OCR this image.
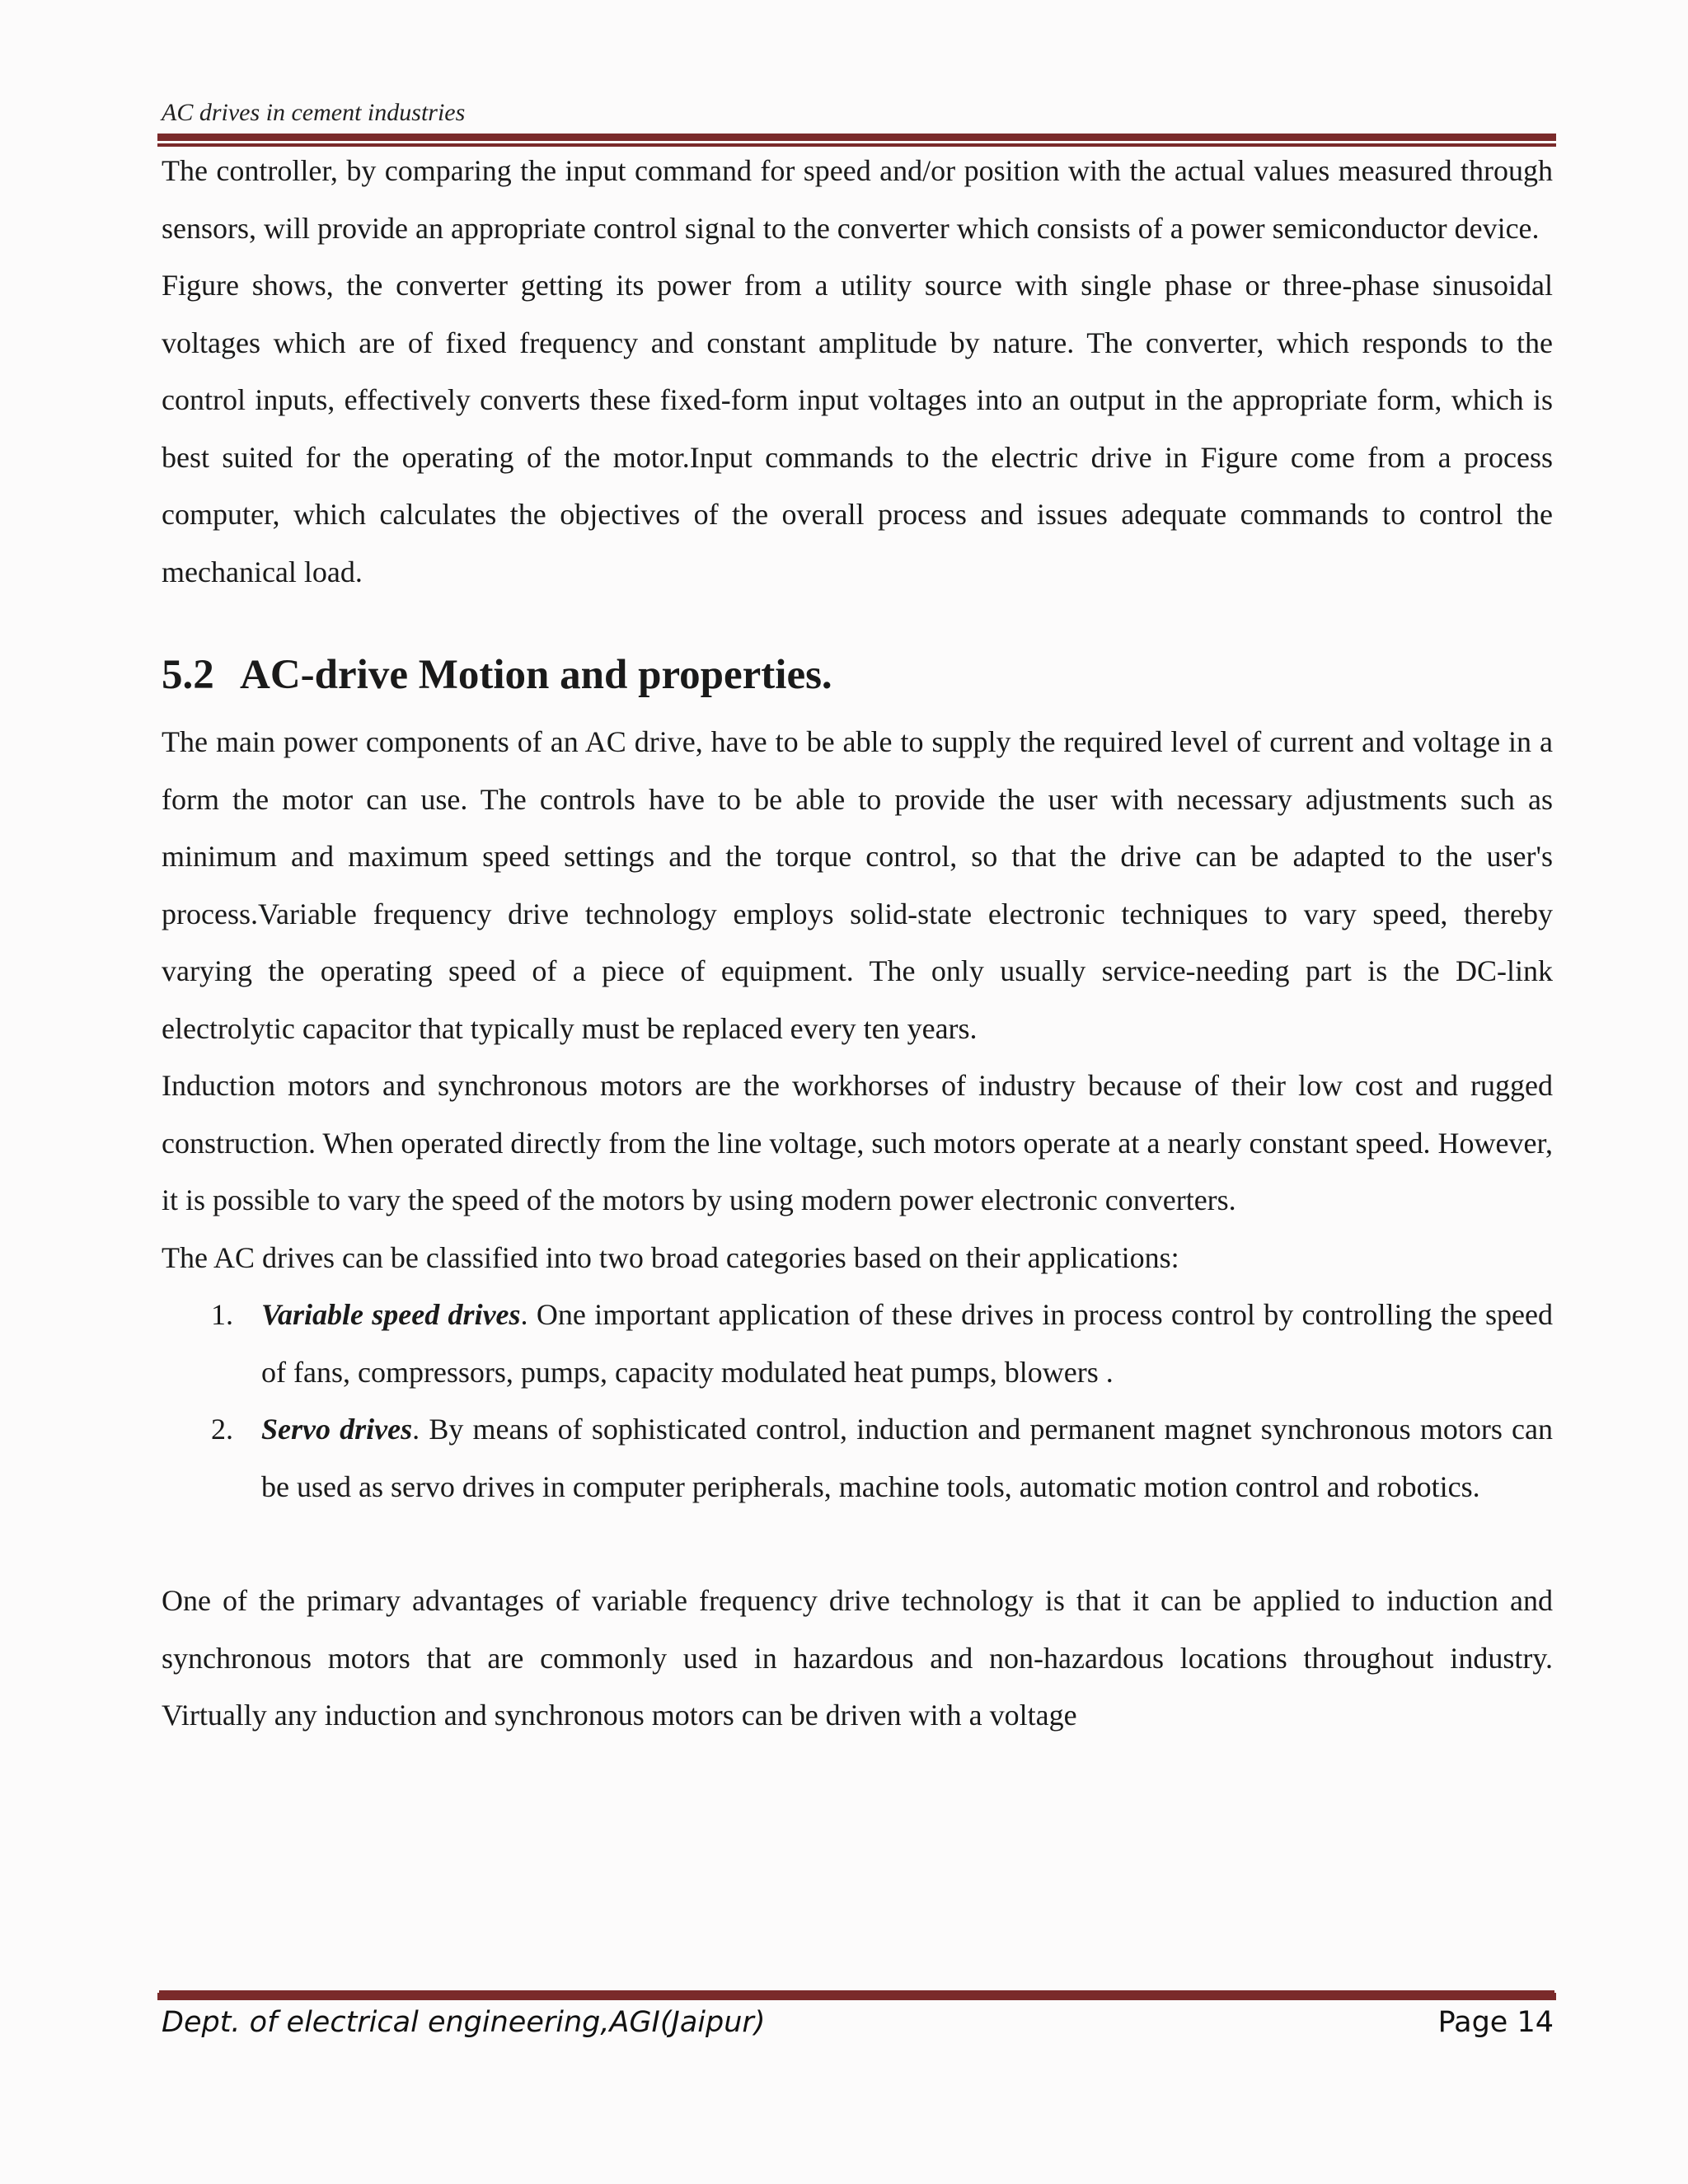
AC drives in cement industries

The controller, by comparing the input command for speed and/or position with the actual values measured through sensors, will provide an appropriate control signal to the converter which consists of a power semiconductor device.

Figure shows, the converter getting its power from a utility source with single phase or three-phase sinusoidal voltages which are of fixed frequency and constant amplitude by nature. The converter, which responds to the control inputs, effectively converts these fixed-form input voltages into an output in the appropriate form, which is best suited for the operating of the motor.Input commands to the electric drive in Figure come from a process computer, which calculates the objectives of the overall process and issues adequate commands to control the mechanical load.

5.2 AC-drive Motion and properties.

The main power components of an AC drive, have to be able to supply the required level of current and voltage in a form the motor can use. The controls have to be able to provide the user with necessary adjustments such as minimum and maximum speed settings and the torque control, so that the drive can be adapted to the user's process.Variable frequency drive technology employs solid-state electronic techniques to vary speed, thereby varying the operating speed of a piece of equipment. The only usually service-needing part is the DC-link electrolytic capacitor that typically must be replaced every ten years.

Induction motors and synchronous motors are the workhorses of industry because of their low cost and rugged construction. When operated directly from the line voltage, such motors operate at a nearly constant speed. However, it is possible to vary the speed of the motors by using modern power electronic converters.

The AC drives can be classified into two broad categories based on their applications:

1. Variable speed drives. One important application of these drives in process control by controlling the speed of fans, compressors, pumps, capacity modulated heat pumps, blowers .
2. Servo drives. By means of sophisticated control, induction and permanent magnet synchronous motors can be used as servo drives in computer peripherals, machine tools, automatic motion control and robotics.

One of the primary advantages of variable frequency drive technology is that it can be applied to induction and synchronous motors that are commonly used in hazardous and non-hazardous locations throughout industry. Virtually any induction and synchronous motors can be driven with a voltage

Dept. of electrical engineering,AGI(Jaipur)	Page 14
